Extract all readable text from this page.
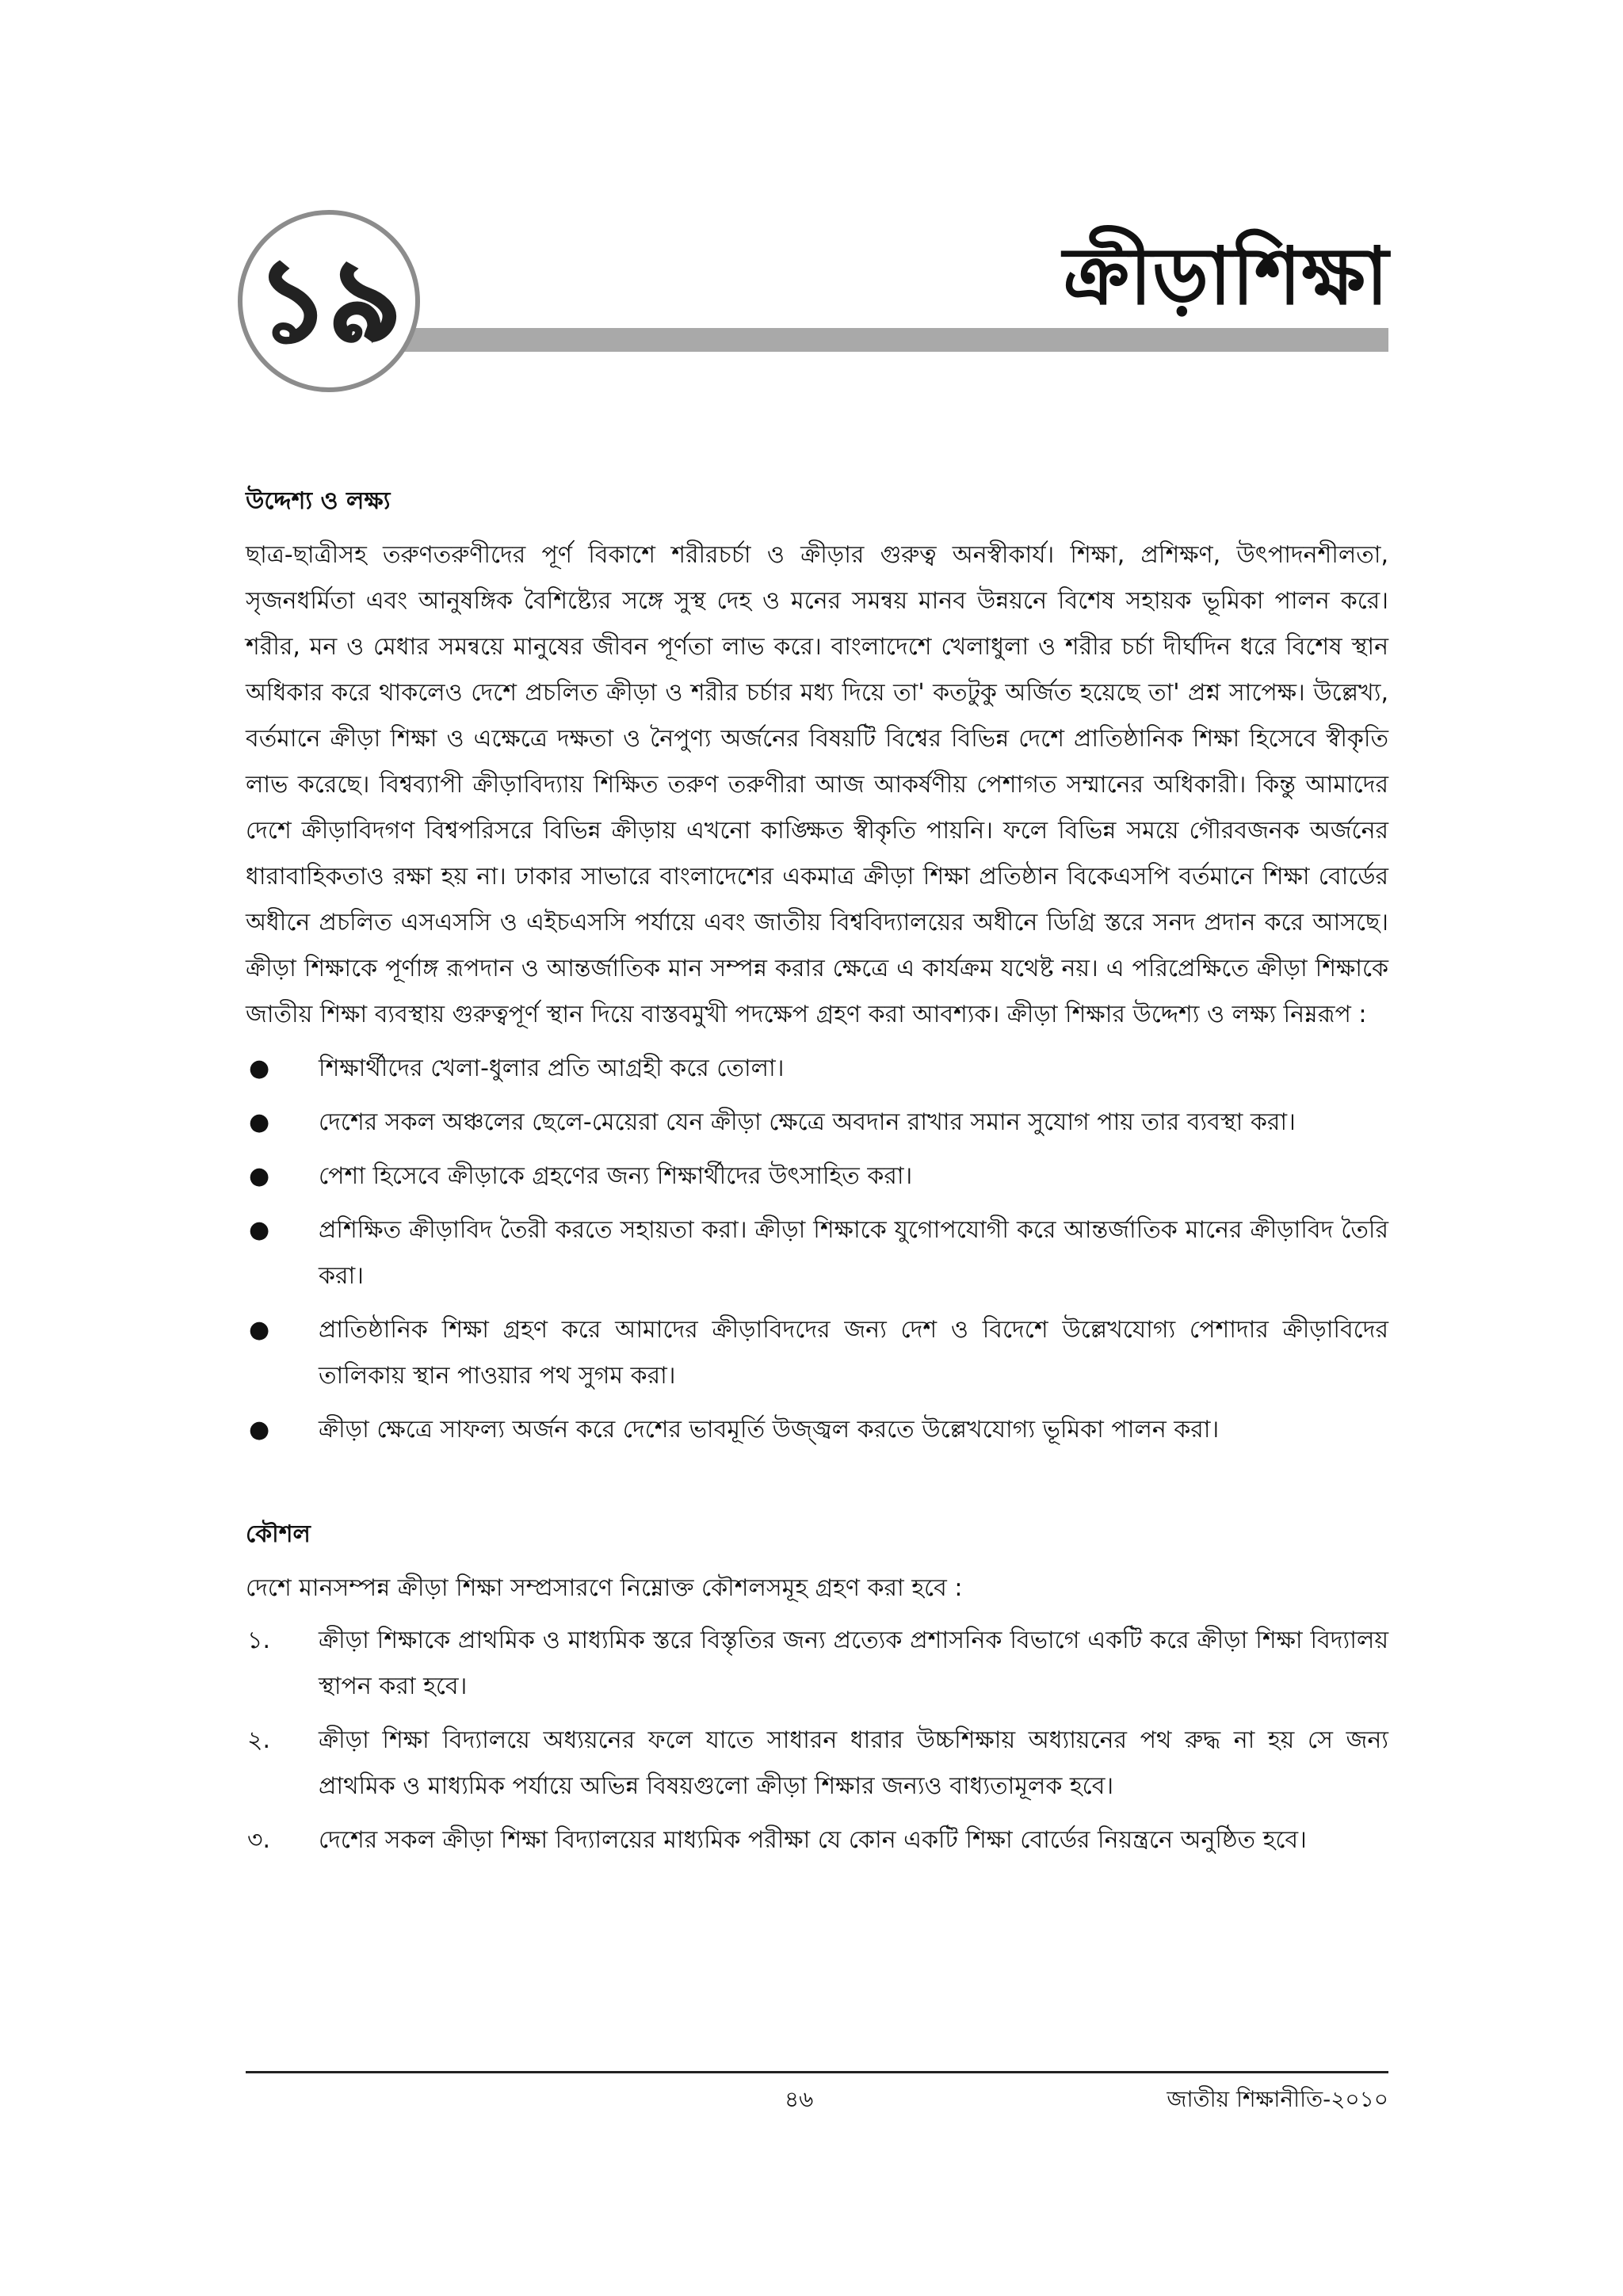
১৯	ক্রীড়াশিক্ষা
উদ্দেশ্য ও লক্ষ্য

ছাত্র-ছাত্রীসহ তরুণতরুণীদের পূর্ণ বিকাশে শরীরচর্চা ও ক্রীড়ার গুরুত্ব অনস্বীকার্য। শিক্ষা, প্রশিক্ষণ, উৎপাদনশীলতা, সৃজনধর্মিতা এবং আনুষঙ্গিক বৈশিষ্ট্যের সঙ্গে সুস্থ দেহ ও মনের সমন্বয় মানব উন্নয়নে বিশেষ সহায়ক ভূমিকা পালন করে। শরীর, মন ও মেধার সমন্বয়ে মানুষের জীবন পূর্ণতা লাভ করে। বাংলাদেশে খেলাধুলা ও শরীর চর্চা দীর্ঘদিন ধরে বিশেষ স্থান অধিকার করে থাকলেও দেশে প্রচলিত ক্রীড়া ও শরীর চর্চার মধ্য দিয়ে তা' কতটুকু অর্জিত হয়েছে তা' প্রশ্ন সাপেক্ষ। উল্লেখ্য, বর্তমানে ক্রীড়া শিক্ষা ও এক্ষেত্রে দক্ষতা ও নৈপুণ্য অর্জনের বিষয়টি বিশ্বের বিভিন্ন দেশে প্রাতিষ্ঠানিক শিক্ষা হিসেবে স্বীকৃতি লাভ করেছে। বিশ্বব্যাপী ক্রীড়াবিদ্যায় শিক্ষিত তরুণ তরুণীরা আজ আকর্ষণীয় পেশাগত সম্মানের অধিকারী। কিন্তু আমাদের দেশে ক্রীড়াবিদগণ বিশ্বপরিসরে বিভিন্ন ক্রীড়ায় এখনো কাঙ্ক্ষিত স্বীকৃতি পায়নি। ফলে বিভিন্ন সময়ে গৌরবজনক অর্জনের ধারাবাহিকতাও রক্ষা হয় না। ঢাকার সাভারে বাংলাদেশের একমাত্র ক্রীড়া শিক্ষা প্রতিষ্ঠান বিকেএসপি বর্তমানে শিক্ষা বোর্ডের অধীনে প্রচলিত এসএসসি ও এইচএসসি পর্যায়ে এবং জাতীয় বিশ্ববিদ্যালয়ের অধীনে ডিগ্রি স্তরে সনদ প্রদান করে আসছে। ক্রীড়া শিক্ষাকে পূর্ণাঙ্গ রূপদান ও আন্তর্জাতিক মান সম্পন্ন করার ক্ষেত্রে এ কার্যক্রম যথেষ্ট নয়। এ পরিপ্রেক্ষিতে ক্রীড়া শিক্ষাকে জাতীয় শিক্ষা ব্যবস্থায় গুরুত্বপূর্ণ স্থান দিয়ে বাস্তবমুখী পদক্ষেপ গ্রহণ করা আবশ্যক। ক্রীড়া শিক্ষার উদ্দেশ্য ও লক্ষ্য নিম্নরূপ :

● শিক্ষার্থীদের খেলা-ধুলার প্রতি আগ্রহী করে তোলা।
● দেশের সকল অঞ্চলের ছেলে-মেয়েরা যেন ক্রীড়া ক্ষেত্রে অবদান রাখার সমান সুযোগ পায় তার ব্যবস্থা করা।
● পেশা হিসেবে ক্রীড়াকে গ্রহণের জন্য শিক্ষার্থীদের উৎসাহিত করা।
● প্রশিক্ষিত ক্রীড়াবিদ তৈরী করতে সহায়তা করা। ক্রীড়া শিক্ষাকে যুগোপযোগী করে আন্তর্জাতিক মানের ক্রীড়াবিদ তৈরি করা।
● প্রাতিষ্ঠানিক শিক্ষা গ্রহণ করে আমাদের ক্রীড়াবিদদের জন্য দেশ ও বিদেশে উল্লেখযোগ্য পেশাদার ক্রীড়াবিদের তালিকায় স্থান পাওয়ার পথ সুগম করা।
● ক্রীড়া ক্ষেত্রে সাফল্য অর্জন করে দেশের ভাবমূর্তি উজ্জ্বল করতে উল্লেখযোগ্য ভূমিকা পালন করা।
কৌশল

দেশে মানসম্পন্ন ক্রীড়া শিক্ষা সম্প্রসারণে নিম্নোক্ত কৌশলসমূহ গ্রহণ করা হবে :

১. ক্রীড়া শিক্ষাকে প্রাথমিক ও মাধ্যমিক স্তরে বিস্তৃতির জন্য প্রত্যেক প্রশাসনিক বিভাগে একটি করে ক্রীড়া শিক্ষা বিদ্যালয় স্থাপন করা হবে।
২. ক্রীড়া শিক্ষা বিদ্যালয়ে অধ্যয়নের ফলে যাতে সাধারন ধারার উচ্চশিক্ষায় অধ্যায়নের পথ রুদ্ধ না হয় সে জন্য প্রাথমিক ও মাধ্যমিক পর্যায়ে অভিন্ন বিষয়গুলো ক্রীড়া শিক্ষার জন্যও বাধ্যতামূলক হবে।
৩. দেশের সকল ক্রীড়া শিক্ষা বিদ্যালয়ের মাধ্যমিক পরীক্ষা যে কোন একটি শিক্ষা বোর্ডের নিয়ন্ত্রনে অনুষ্ঠিত হবে।
৪৬	জাতীয় শিক্ষানীতি-২০১০
